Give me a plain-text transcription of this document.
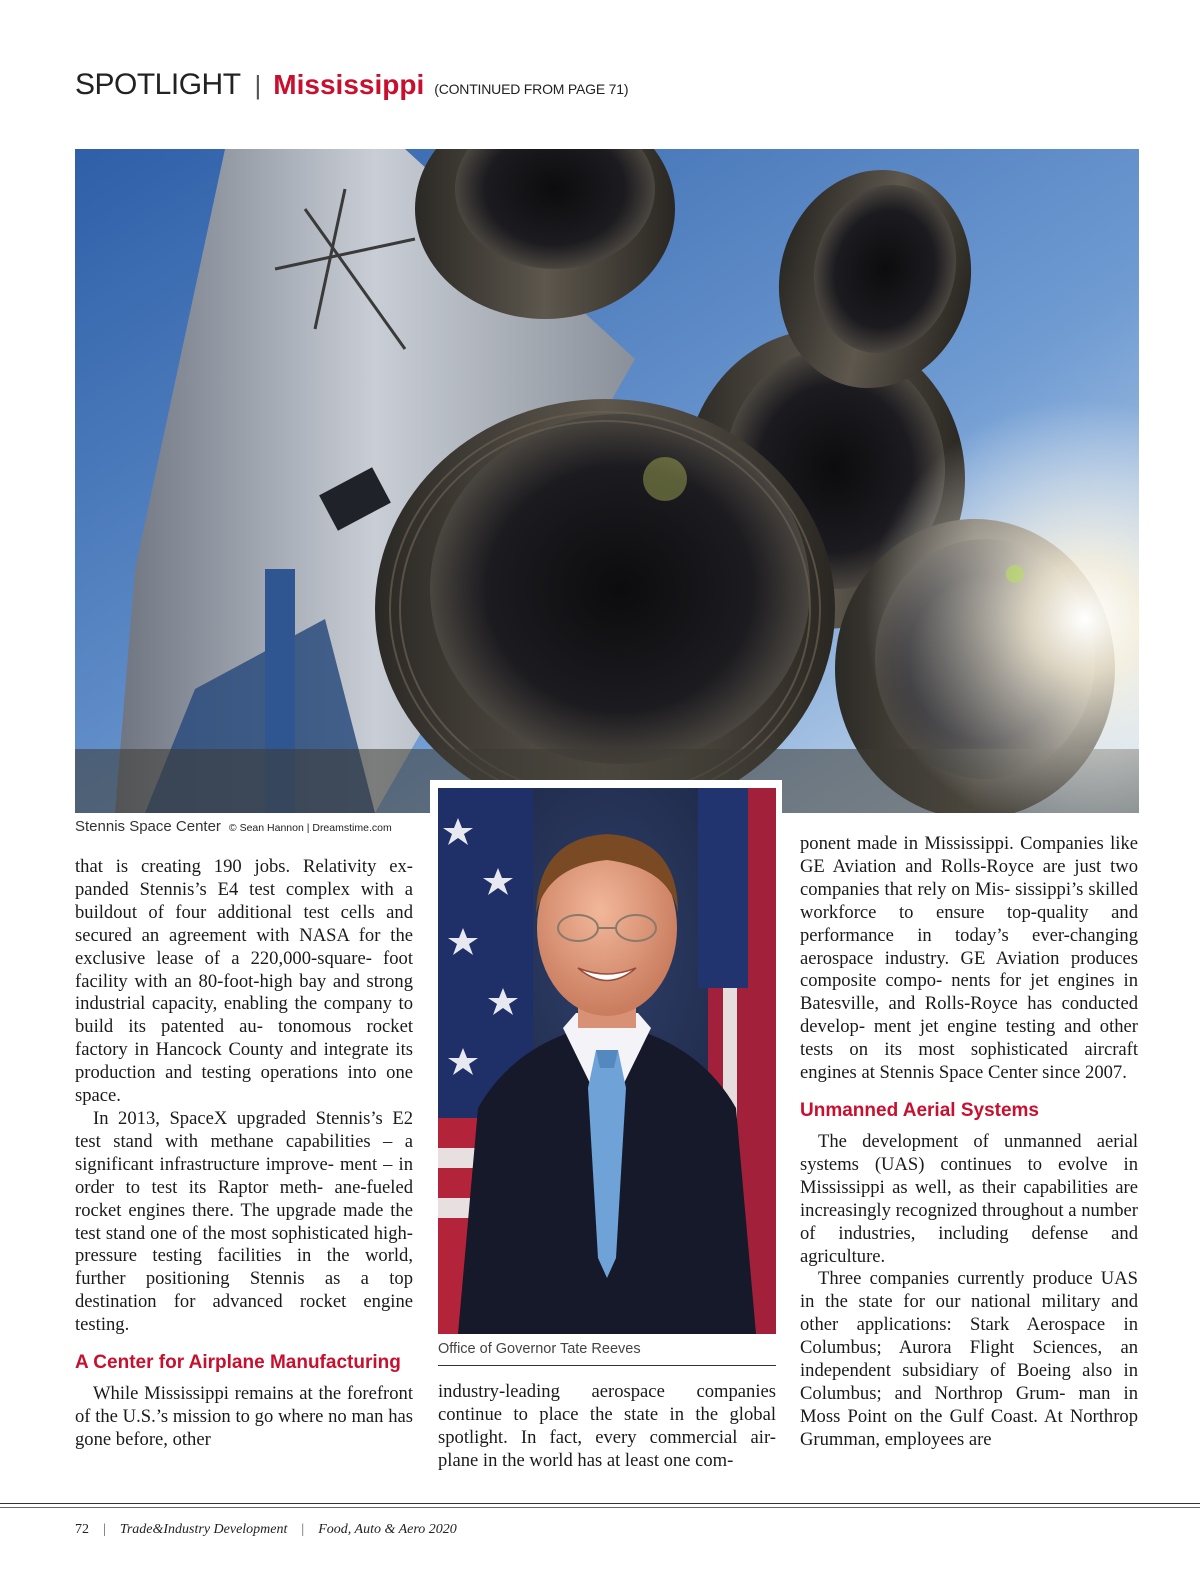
SPOTLIGHT | Mississippi (CONTINUED FROM PAGE 71)
Stennis Space Center © Sean Hannon | Dreamstime.com
Office of Governor Tate Reeves

that is creating 190 jobs. Relativity ex- panded Stennis’s E4 test complex with a buildout of four additional test cells and secured an agreement with NASA for the exclusive lease of a 220,000-square- foot facility with an 80-foot-high bay and strong industrial capacity, enabling the company to build its patented au- tonomous rocket factory in Hancock County and integrate its production and testing operations into one space.

In 2013, SpaceX upgraded Stennis’s E2 test stand with methane capabilities – a significant infrastructure improve- ment – in order to test its Raptor meth- ane-fueled rocket engines there. The upgrade made the test stand one of the most sophisticated high-pressure testing facilities in the world, further positioning Stennis as a top destination for advanced rocket engine testing.

A Center for Airplane Manufacturing

While Mississippi remains at the forefront of the U.S.’s mission to go where no man has gone before, other

industry-leading aerospace companies continue to place the state in the global spotlight. In fact, every commercial air- plane in the world has at least one com-

ponent made in Mississippi. Companies like GE Aviation and Rolls-Royce are just two companies that rely on Mis- sissippi’s skilled workforce to ensure top-quality and performance in today’s ever-changing aerospace industry. GE Aviation produces composite compo- nents for jet engines in Batesville, and Rolls-Royce has conducted develop- ment jet engine testing and other tests on its most sophisticated aircraft engines at Stennis Space Center since 2007.

Unmanned Aerial Systems

The development of unmanned aerial systems (UAS) continues to evolve in Mississippi as well, as their capabilities are increasingly recognized throughout a number of industries, including defense and agriculture.

Three companies currently produce UAS in the state for our national military and other applications: Stark Aerospace in Columbus; Aurora Flight Sciences, an independent subsidiary of Boeing also in Columbus; and Northrop Grum- man in Moss Point on the Gulf Coast. At Northrop Grumman, employees are

72 | Trade&Industry Development | Food, Auto & Aero 2020
